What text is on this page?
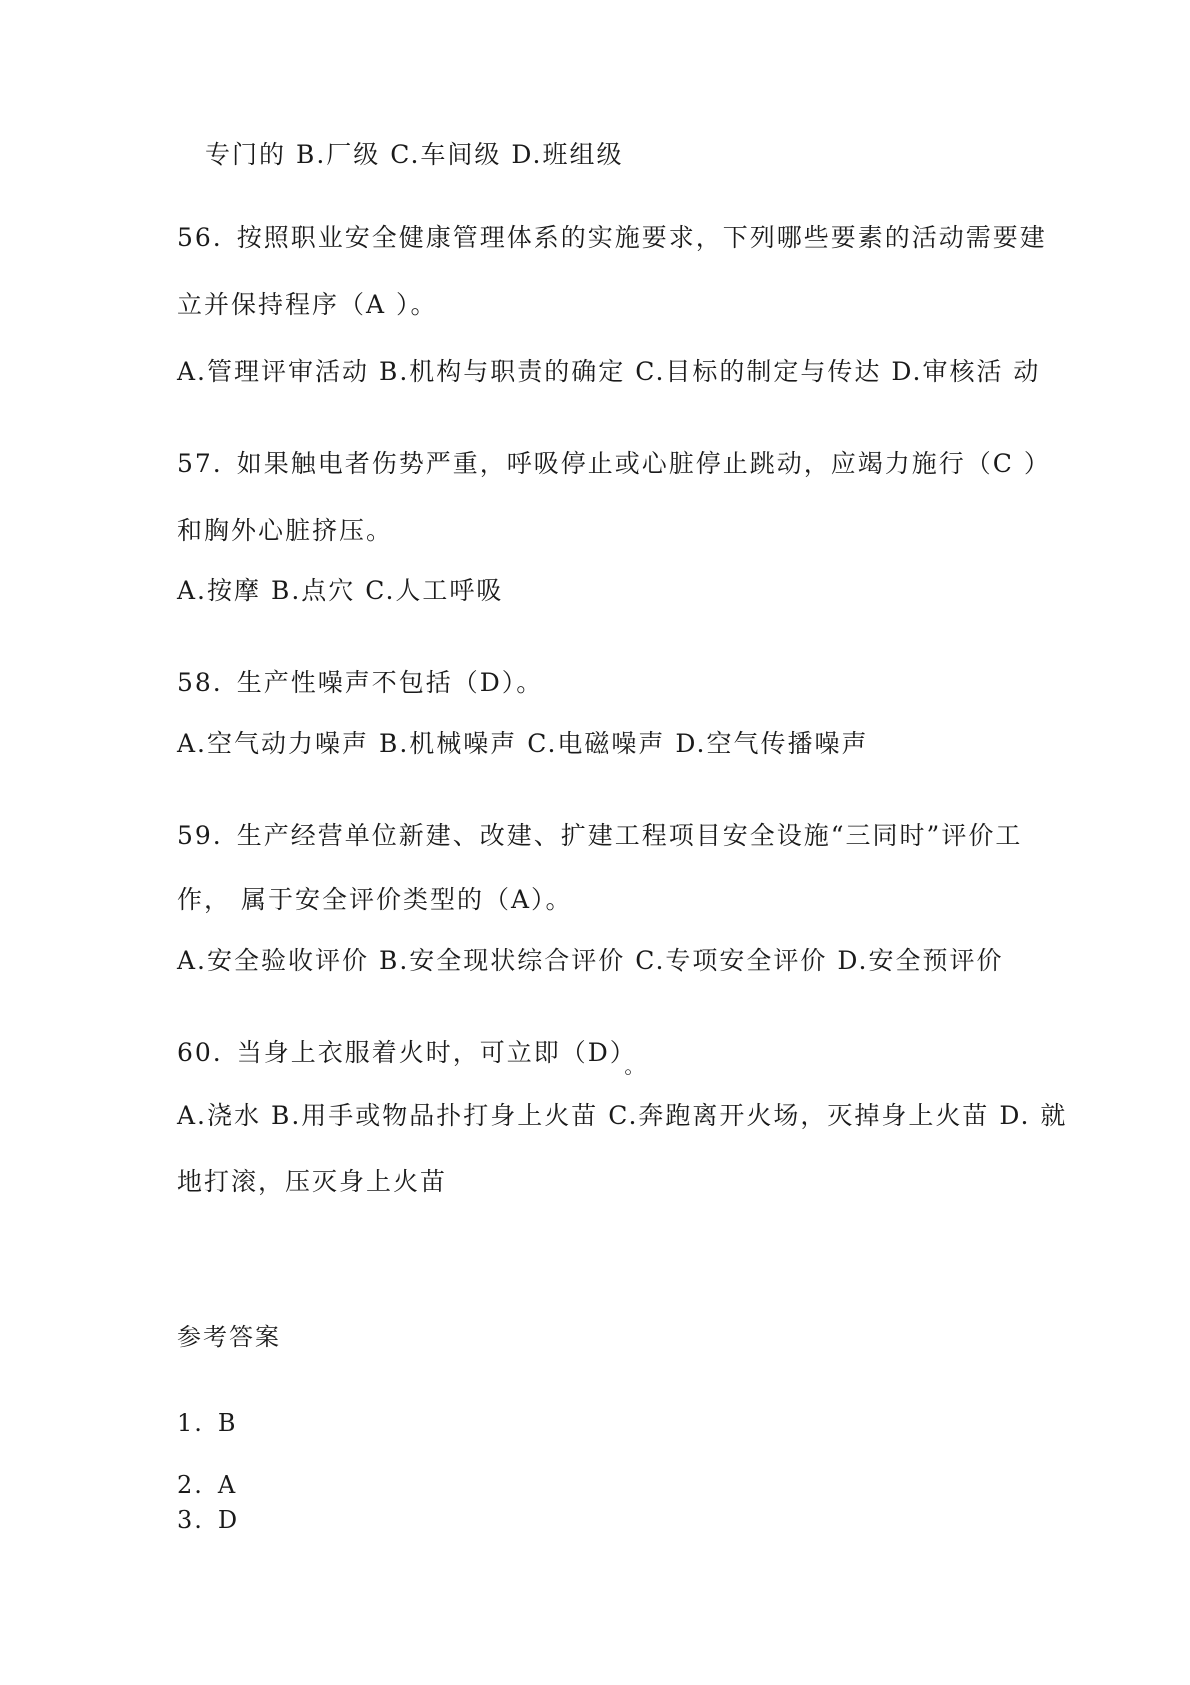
专门的 B.厂级 C.车间级 D.班组级
56. 按照职业安全健康管理体系的实施要求，下列哪些要素的活动需要建
立并保持程序（A ）。
A.管理评审活动 B.机构与职责的确定 C.目标的制定与传达 D.审核活 动
57. 如果触电者伤势严重，呼吸停止或心脏停止跳动，应竭力施行（C ）
和胸外心脏挤压。
A.按摩 B.点穴 C.人工呼吸
58. 生产性噪声不包括（D）。
A.空气动力噪声 B.机械噪声 C.电磁噪声 D.空气传播噪声
59. 生产经营单位新建、改建、扩建工程项目安全设施“三同时”评价工
作， 属于安全评价类型的（A）。
A.安全验收评价 B.安全现状综合评价 C.专项安全评价 D.安全预评价
60. 当身上衣服着火时，可立即$(D)_。$
A.浇水 B.用手或物品扑打身上火苗 C.奔跑离开火场，灭掉身上火苗 D. 就
地打滚，压灭身上火苗
参考答案
1. B
2. A
3. D
